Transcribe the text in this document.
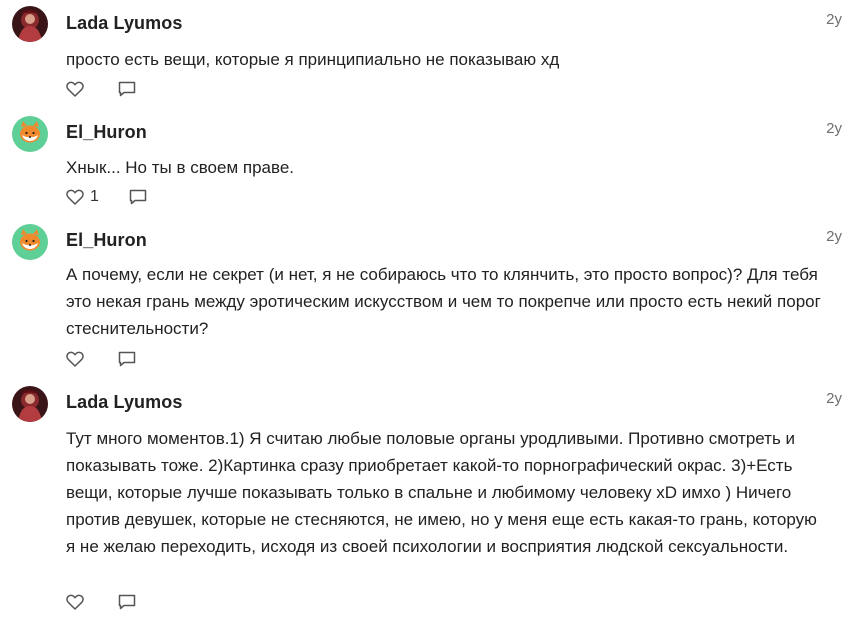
Lada Lyumos	2y
просто есть вещи, которые я принципиально не показываю хд
El_Huron	2y
Хнык... Но ты в своем праве.
1
El_Huron	2y
А почему, если не секрет (и нет, я не собираюсь что то клянчить, это просто вопрос)? Для тебя это некая грань между эротическим искусством и чем то покрепче или просто есть некий порог стеснительности?
Lada Lyumos	2y
Тут много моментов.1) Я считаю любые половые органы уродливыми. Противно смотреть и показывать тоже. 2)Картинка сразу приобретает какой-то порнографический окрас. 3)+Есть вещи, которые лучше показывать только в спальне и любимому человеку xD имхо ) Ничего против девушек, которые не стесняются, не имею, но у меня еще есть какая-то грань, которую я не желаю переходить, исходя из своей психологии и восприятия людской сексуальности.
